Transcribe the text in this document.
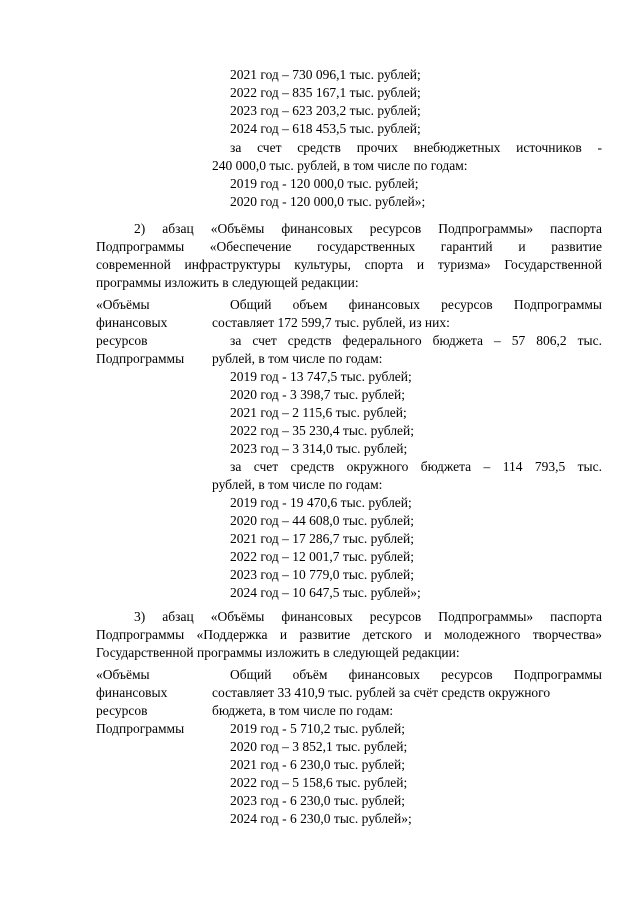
2021 год – 730 096,1 тыс. рублей;
2022 год – 835 167,1 тыс. рублей;
2023 год – 623 203,2 тыс. рублей;
2024 год – 618 453,5 тыс. рублей;
за счет средств прочих внебюджетных источников -
240 000,0 тыс. рублей, в том числе по годам:
2019 год - 120 000,0 тыс. рублей;
2020 год - 120 000,0 тыс. рублей»;
2) абзац «Объёмы финансовых ресурсов Подпрограммы» паспорта
Подпрограммы «Обеспечение государственных гарантий и развитие
современной инфраструктуры культуры, спорта и туризма» Государственной
программы изложить в следующей редакции:
«Объёмы
финансовых
ресурсов
Подпрограммы
Общий объем финансовых ресурсов Подпрограммы
составляет 172 599,7 тыс. рублей, из них:
за счет средств федерального бюджета – 57 806,2 тыс.
рублей, в том числе по годам:
2019 год - 13 747,5 тыс. рублей;
2020 год - 3 398,7 тыс. рублей;
2021 год – 2 115,6 тыс. рублей;
2022 год – 35 230,4 тыс. рублей;
2023 год – 3 314,0 тыс. рублей;
за счет средств окружного бюджета – 114 793,5 тыс.
рублей, в том числе по годам:
2019 год - 19 470,6 тыс. рублей;
2020 год – 44 608,0 тыс. рублей;
2021 год – 17 286,7 тыс. рублей;
2022 год – 12 001,7 тыс. рублей;
2023 год – 10 779,0 тыс. рублей;
2024 год – 10 647,5 тыс. рублей»;
3) абзац «Объёмы финансовых ресурсов Подпрограммы» паспорта
Подпрограммы «Поддержка и развитие детского и молодежного творчества»
Государственной программы изложить в следующей редакции:
«Объёмы
финансовых
ресурсов
Подпрограммы
Общий объём финансовых ресурсов Подпрограммы
составляет 33 410,9 тыс. рублей за счёт средств окружного
бюджета, в том числе по годам:
2019 год - 5 710,2 тыс. рублей;
2020 год – 3 852,1 тыс. рублей;
2021 год - 6 230,0 тыс. рублей;
2022 год – 5 158,6 тыс. рублей;
2023 год - 6 230,0 тыс. рублей;
2024 год - 6 230,0 тыс. рублей»;
